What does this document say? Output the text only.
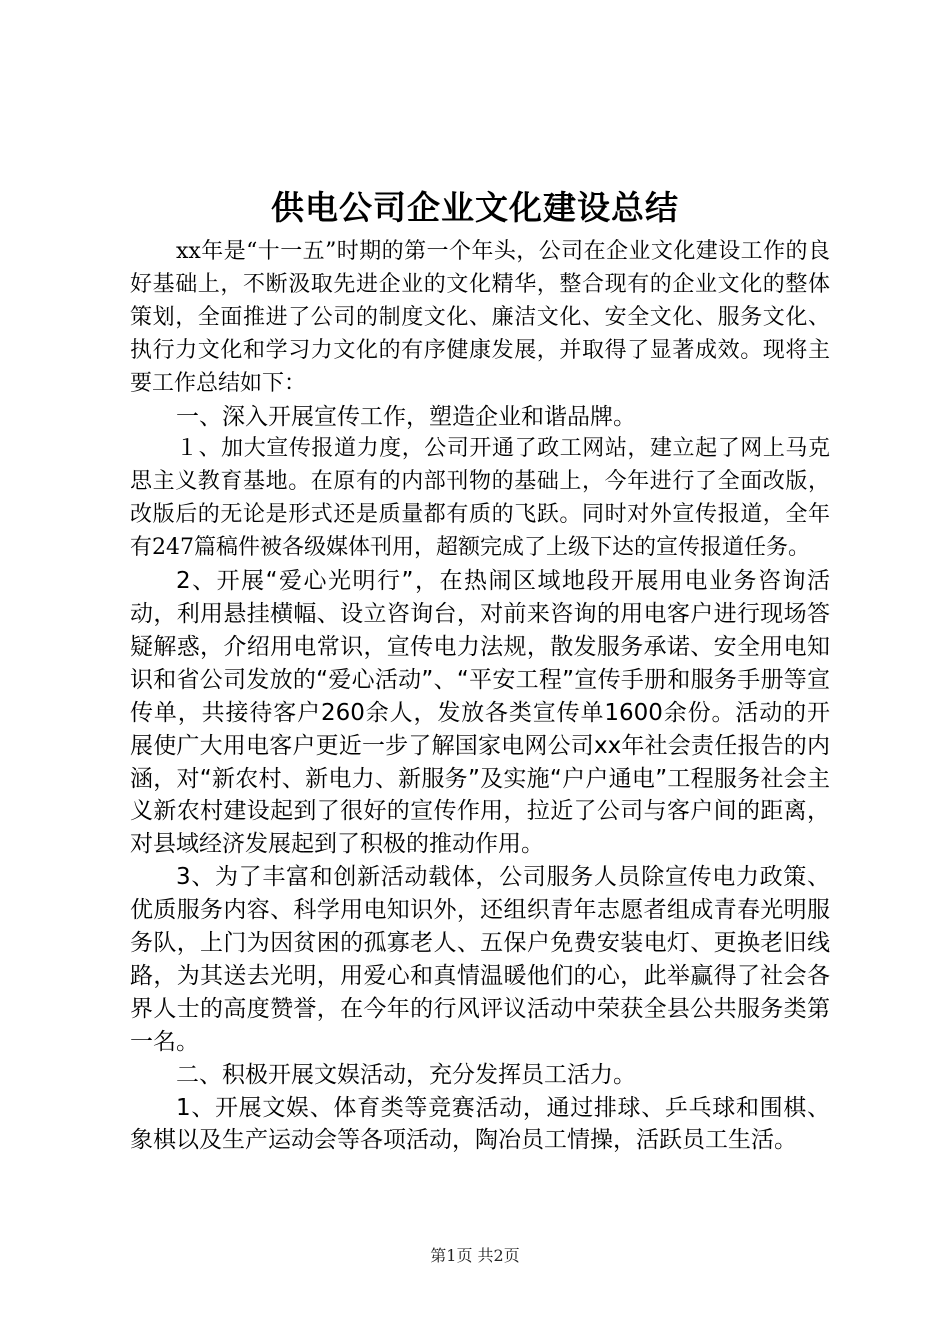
供电公司企业文化建设总结

xx年是“十一五”时期的第一个年头，公司在企业文化建设工作的良好基础上，不断汲取先进企业的文化精华，整合现有的企业文化的整体策划，全面推进了公司的制度文化、廉洁文化、安全文化、服务文化、执行力文化和学习力文化的有序健康发展，并取得了显著成效。现将主要工作总结如下：

一、深入开展宣传工作，塑造企业和谐品牌。

１、加大宣传报道力度，公司开通了政工网站，建立起了网上马克思主义教育基地。在原有的内部刊物的基础上，今年进行了全面改版，改版后的无论是形式还是质量都有质的飞跃。同时对外宣传报道，全年有247篇稿件被各级媒体刊用，超额完成了上级下达的宣传报道任务。

2、开展“爱心光明行”，在热闹区域地段开展用电业务咨询活动，利用悬挂横幅、设立咨询台，对前来咨询的用电客户进行现场答疑解惑，介绍用电常识，宣传电力法规，散发服务承诺、安全用电知识和省公司发放的“爱心活动”、“平安工程”宣传手册和服务手册等宣传单，共接待客户260余人，发放各类宣传单1600余份。活动的开展使广大用电客户更近一步了解国家电网公司xx年社会责任报告的内涵，对“新农村、新电力、新服务”及实施“户户通电”工程服务社会主义新农村建设起到了很好的宣传作用，拉近了公司与客户间的距离，对县域经济发展起到了积极的推动作用。

3、为了丰富和创新活动载体，公司服务人员除宣传电力政策、优质服务内容、科学用电知识外，还组织青年志愿者组成青春光明服务队，上门为因贫困的孤寡老人、五保户免费安装电灯、更换老旧线路，为其送去光明，用爱心和真情温暖他们的心，此举赢得了社会各界人士的高度赞誉，在今年的行风评议活动中荣获全县公共服务类第一名。

二、积极开展文娱活动，充分发挥员工活力。

1、开展文娱、体育类等竞赛活动，通过排球、乒乓球和围棋、象棋以及生产运动会等各项活动，陶冶员工情操，活跃员工生活。

第1页 共2页
